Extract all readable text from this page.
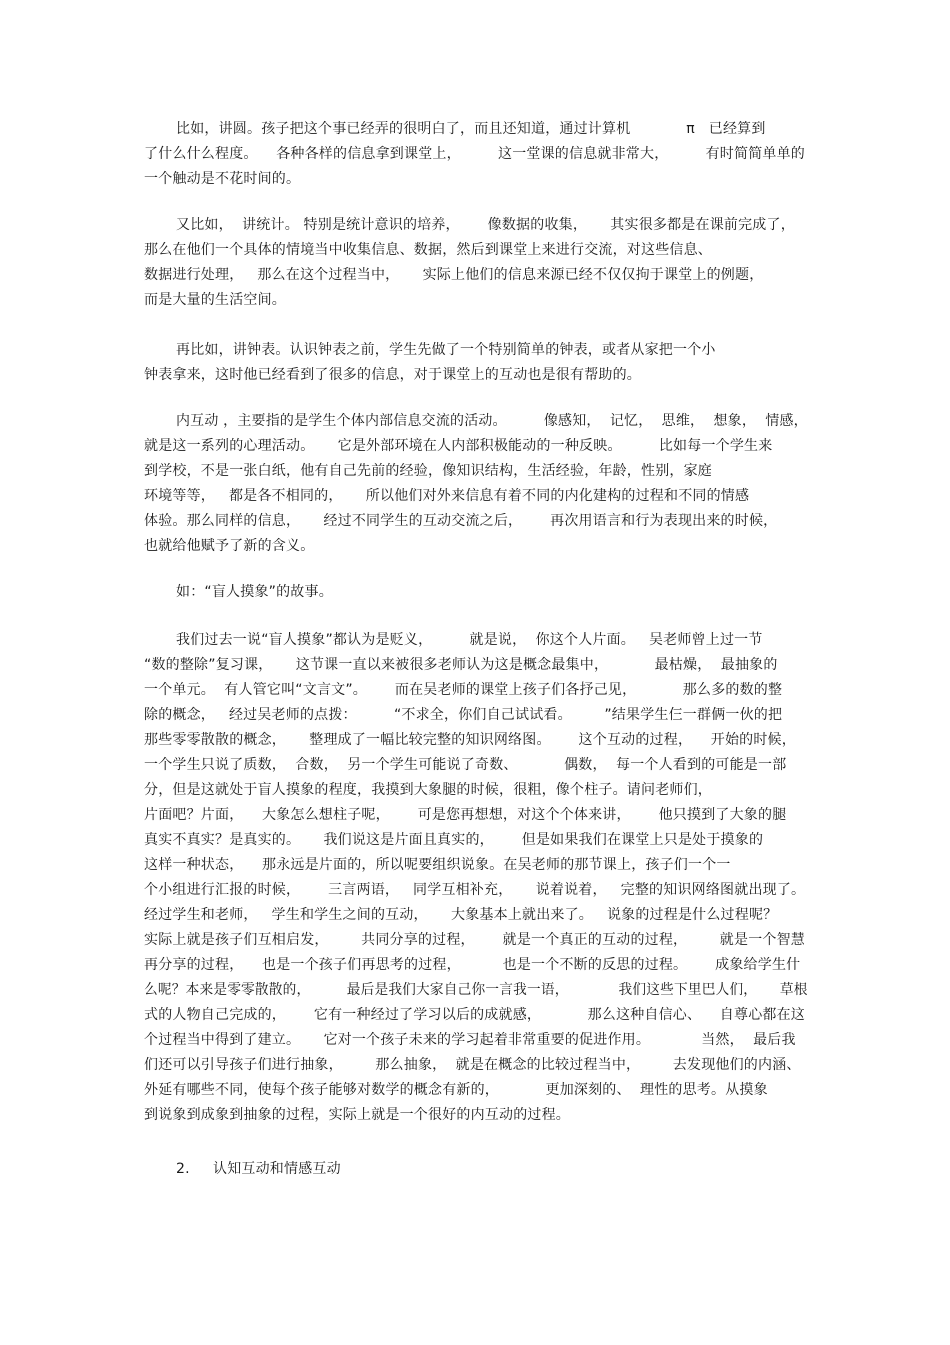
比如，讲圆。孩子把这个事已经弄的很明白了，而且还知道，通过计算机            π   已经算到
了什么什么程度。    各种各样的信息拿到课堂上，        这一堂课的信息就非常大，        有时简简单单的
一个触动是不花时间的。
又比如，  讲统计。 特别是统计意识的培养，      像数据的收集，     其实很多都是在课前完成了，
那么在他们一个具体的情境当中收集信息、数据，然后到课堂上来进行交流，对这些信息、
数据进行处理，   那么在这个过程当中，     实际上他们的信息来源已经不仅仅拘于课堂上的例题，
而是大量的生活空间。
再比如，讲钟表。认识钟表之前，学生先做了一个特别简单的钟表，或者从家把一个小
钟表拿来，这时他已经看到了很多的信息，对于课堂上的互动也是很有帮助的。
内互动 ，主要指的是学生个体内部信息交流的活动。        像感知，  记忆，  思维，  想象，  情感，
就是这一系列的心理活动。     它是外部环境在人内部积极能动的一种反映。        比如每一个学生来
到学校，不是一张白纸，他有自己先前的经验，像知识结构，生活经验，年龄，性别，家庭
环境等等，   都是各不相同的，     所以他们对外来信息有着不同的内化建构的过程和不同的情感
体验。那么同样的信息，     经过不同学生的互动交流之后，      再次用语言和行为表现出来的时候，
也就给他赋予了新的含义。
如：“盲人摸象”的故事。
我们过去一说“盲人摸象”都认为是贬义，        就是说，  你这个人片面。   吴老师曾上过一节
“数的整除”复习课，     这节课一直以来被很多老师认为这是概念最集中，          最枯燥，  最抽象的
一个单元。  有人管它叫“文言文”。      而在吴老师的课堂上孩子们各抒己见，          那么多的数的整
除的概念，   经过吴老师的点拨：        “不求全，你们自己试试看。       ”结果学生仨一群俩一伙的把
那些零零散散的概念，     整理成了一幅比较完整的知识网络图。      这个互动的过程，    开始的时候，
一个学生只说了质数，  合数，  另一个学生可能说了奇数、          偶数，  每一个人看到的可能是一部
分，但是这就处于盲人摸象的程度，我摸到大象腿的时候，很粗，像个柱子。请问老师们，
片面吧？片面，    大象怎么想柱子呢，      可是您再想想，对这个个体来讲，      他只摸到了大象的腿
真实不真实？是真实的。     我们说这是片面且真实的，      但是如果我们在课堂上只是处于摸象的
这样一种状态，    那永远是片面的，所以呢要组织说象。在吴老师的那节课上，孩子们一个一
个小组进行汇报的时候，      三言两语，   同学互相补充，     说着说着，   完整的知识网络图就出现了。
经过学生和老师，   学生和学生之间的互动，     大象基本上就出来了。   说象的过程是什么过程呢？
实际上就是孩子们互相启发，       共同分享的过程，      就是一个真正的互动的过程，       就是一个智慧
再分享的过程，    也是一个孩子们再思考的过程，         也是一个不断的反思的过程。      成象给学生什
么呢？本来是零零散散的，        最后是我们大家自己你一言我一语，           我们这些下里巴人们，     草根
式的人物自己完成的，      它有一种经过了学习以后的成就感，          那么这种自信心、    自尊心都在这
个过程当中得到了建立。     它对一个孩子未来的学习起着非常重要的促进作用。           当然，  最后我
们还可以引导孩子们进行抽象，       那么抽象，  就是在概念的比较过程当中，       去发现他们的内涵、
外延有哪些不同，使每个孩子能够对数学的概念有新的，          更加深刻的、  理性的思考。从摸象
到说象到成象到抽象的过程，实际上就是一个很好的内互动的过程。
2.     认知互动和情感互动
